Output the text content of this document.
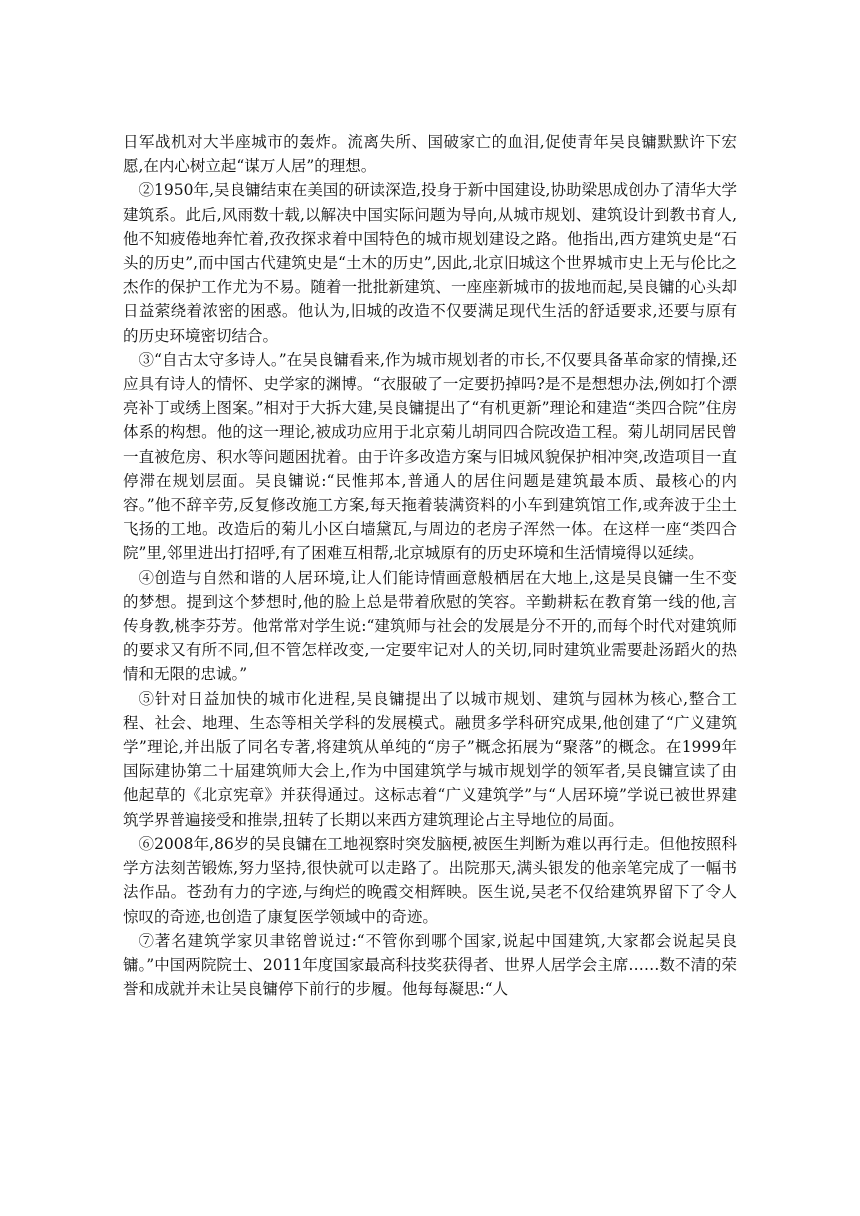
日军战机对大半座城市的轰炸。流离失所、国破家亡的血泪,促使青年吴良镛默默许下宏愿,在内心树立起“谋万人居”的理想。

②1950年,吴良镛结束在美国的研读深造,投身于新中国建设,协助梁思成创办了清华大学建筑系。此后,风雨数十载,以解决中国实际问题为导向,从城市规划、建筑设计到教书育人,他不知疲倦地奔忙着,孜孜探求着中国特色的城市规划建设之路。他指出,西方建筑史是“石头的历史”,而中国古代建筑史是“土木的历史”,因此,北京旧城这个世界城市史上无与伦比之杰作的保护工作尤为不易。随着一批批新建筑、一座座新城市的拔地而起,吴良镛的心头却日益萦绕着浓密的困惑。他认为,旧城的改造不仅要满足现代生活的舒适要求,还要与原有的历史环境密切结合。

③“自古太守多诗人。”在吴良镛看来,作为城市规划者的市长,不仅要具备革命家的情操,还应具有诗人的情怀、史学家的渊博。“衣服破了一定要扔掉吗?是不是想想办法,例如打个漂亮补丁或绣上图案。”相对于大拆大建,吴良镛提出了“有机更新”理论和建造“类四合院”住房体系的构想。他的这一理论,被成功应用于北京菊儿胡同四合院改造工程。菊儿胡同居民曾一直被危房、积水等问题困扰着。由于许多改造方案与旧城风貌保护相冲突,改造项目一直停滞在规划层面。吴良镛说:“民惟邦本,普通人的居住问题是建筑最本质、最核心的内容。”他不辞辛劳,反复修改施工方案,每天拖着装满资料的小车到建筑馆工作,或奔波于尘土飞扬的工地。改造后的菊儿小区白墙黛瓦,与周边的老房子浑然一体。在这样一座“类四合院”里,邻里进出打招呼,有了困难互相帮,北京城原有的历史环境和生活情境得以延续。

④创造与自然和谐的人居环境,让人们能诗情画意般栖居在大地上,这是吴良镛一生不变的梦想。提到这个梦想时,他的脸上总是带着欣慰的笑容。辛勤耕耘在教育第一线的他,言传身教,桃李芬芳。他常常对学生说:“建筑师与社会的发展是分不开的,而每个时代对建筑师的要求又有所不同,但不管怎样改变,一定要牢记对人的关切,同时建筑业需要赴汤蹈火的热情和无限的忠诚。”

⑤针对日益加快的城市化进程,吴良镛提出了以城市规划、建筑与园林为核心,整合工程、社会、地理、生态等相关学科的发展模式。融贯多学科研究成果,他创建了“广义建筑学”理论,并出版了同名专著,将建筑从单纯的“房子”概念拓展为“聚落”的概念。在1999年国际建协第二十届建筑师大会上,作为中国建筑学与城市规划学的领军者,吴良镛宣读了由他起草的《北京宪章》并获得通过。这标志着“广义建筑学”与“人居环境”学说已被世界建筑学界普遍接受和推崇,扭转了长期以来西方建筑理论占主导地位的局面。

⑥2008年,86岁的吴良镛在工地视察时突发脑梗,被医生判断为难以再行走。但他按照科学方法刻苦锻炼,努力坚持,很快就可以走路了。出院那天,满头银发的他亲笔完成了一幅书法作品。苍劲有力的字迹,与绚烂的晚霞交相辉映。医生说,吴老不仅给建筑界留下了令人惊叹的奇迹,也创造了康复医学领域中的奇迹。

⑦著名建筑学家贝聿铭曾说过:“不管你到哪个国家,说起中国建筑,大家都会说起吴良镛。”中国两院院士、2011年度国家最高科技奖获得者、世界人居学会主席……数不清的荣誉和成就并未让吴良镛停下前行的步履。他每每凝思:“人
